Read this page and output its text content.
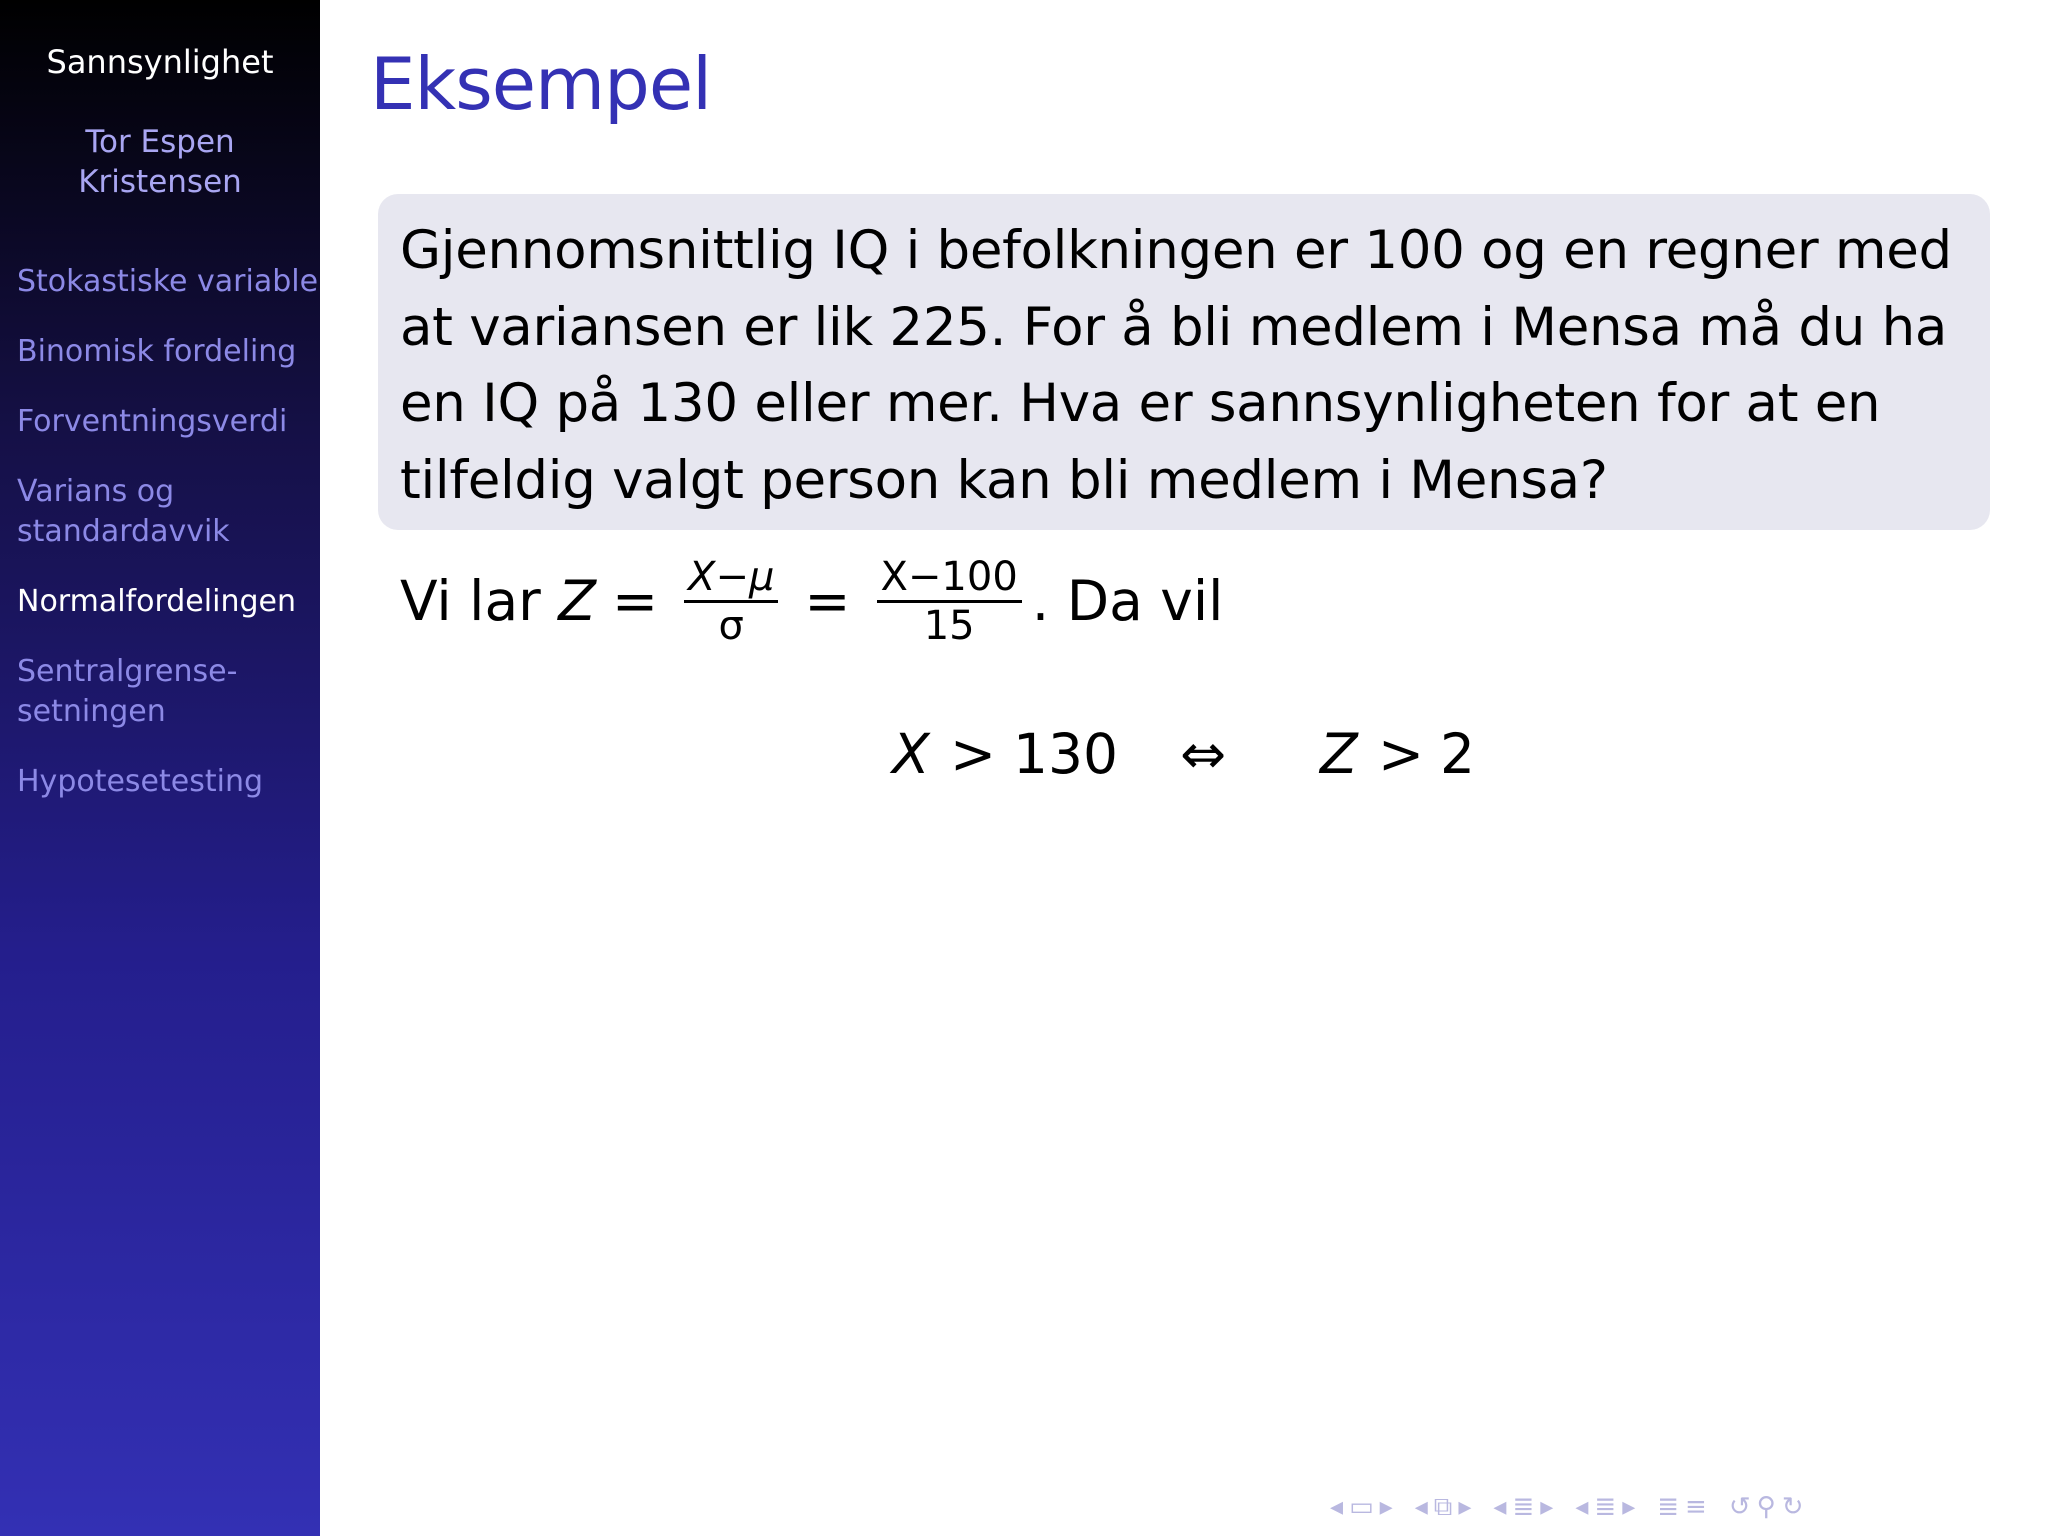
Sannsynlighet
Tor Espen
Kristensen
Stokastiske variable
Binomisk fordeling
Forventningsverdi
Varians og
standardavvik
Normalfordelingen
Sentralgrense-
setningen
Hypotesetesting
Eksempel
Gjennomsnittlig IQ i befolkningen er 100 og en regner med at variansen er lik 225. For å bli medlem i Mensa må du ha en IQ på 130 eller mer. Hva er sannsynligheten for at en tilfeldig valgt person kan bli medlem i Mensa?
Vi lar $Z = \frac{X-\mu}{\sigma} = \frac{X-100}{15}$ . Da vil
X > 130 ⇔ Z > 2
◂ ▭ ▸ ◂ ⧉ ▸ ◂ ≣ ▸ ◂ ≣ ▸ ≣ ≡ ↺ ⚲ ↻
